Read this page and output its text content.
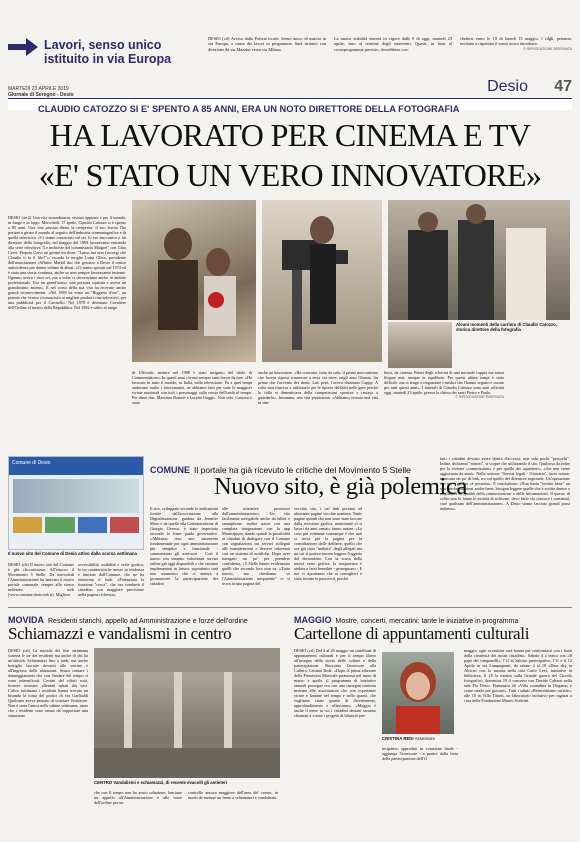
Lavori, senso unico
istituito in via Europa
DESIO (ctl) Avviso dalla Polizia locale. Senso unico di marcia in via Europa, a causa dei lavori in programma. Sarà istituito con direzione da via Mazzini verso via Milano.
La nuova viabilità entrerà in vigore dalle 9 di oggi, martedì 23 aprile, sino al termine degli interventi. Questi, in base al cronoprogramma previsto, dovrebbero con-
cludersi entro le 18 di lunedì 13 maggio. I rilgli, pertanto, invitano a rispettare il senso unico introdotto.
© RIPRODUZIONE RISERVATA
MARTEDÌ 23 APRILE 2019
Giornale di Seregno - Desio	Desio 47
CLAUDIO CATOZZO SI E' SPENTO A 85 ANNI, ERA UN NOTO DIRETTORE DELLA FOTOGRAFIA
HA LAVORATO PER CINEMA E TV
«E' STATO UN VERO INNOVATORE»
DESIO (arr2) Una vita straordinaria, vissuta appieno e per il mondo, in lungo e in largo. Mercoledì, 17 aprile, Claudio Catozzo si è spento a 85 anni. Una vita passata dietro la cinepresa: il suo lavoro l'ha portato a girare il mondo al seguito dell'industria cinematografica e di quella televisiva. «Ci siamo conosciuti sul set. Io ero truccatrice e lui direttore della fotografia, nel maggio del 1969 lavoravamo entrambi alla serie televisiva "Le inchieste del commissario Maigret" con Gino Cervi. Proprio Cervi un giorno mi disse: "Luisa, ma non t'accorgi che Claudio ti fa il filo?"», ricorda la moglie Luisa Oliva, presidente dell'associazione «Whitee Marbil du» che gestisce a Desio il centro antiviolenza per donne vittime di abusi. «Ci siamo sposati nel 1974 ed è stata una storia continua, anche se non sempre lavoravamo insieme. Ognuno aveva i suoi set, ma a volte ci ritrovavamo anche in ambito professionale. Era un grand'uomo, una persona squisita e aveva un grandissimo animo». E nel corso della sua vita ha ricevuto anche grandi riconoscimenti. «Nel 1969 ha vinto un "Biggatto d'oro", un premio che veniva riconosciuto ai migliori prodotti cine-televisivi, per una pubblicità per il Carosello. Nel 1978 è diventato Cavaliere dell'Ordine al merito della Repubblica. Nel 1982 è salito al rango
Alcuni momenti della carriera di Claudio Catozzo, storico direttore della fotografia
di Ufficiale, mentre nel 1988 è stato insignito del titolo di Commendatore». In questi anni c'erano sempre tanti lavori da fare. «Ha lavorato in tutto il mondo, in Italia, nella televisione. Fu a quei tempi andavano molto i fotoromanzi, ne abbiamo fatti per tutte le maggiori riviste nazionali con tutti i personaggi sulla cresta dell'onda al tempo. Per dirne due, Massimo Ranieri e Loretta Goggi». Non solo, Catozzo è stato
anche un innovatore. «Ha costruito, tutto da solo, il primo meccanismo che faceva riprese trasmesse a terra via etere, negli anni Ottanta, fin prima che l'avvento dei droni. Lui, però, l'aveva chiamato Cuppy. A volte non riusciva a utilizzarlo per le riprese dall'alto nelle gare perché lo fulla si dimenticava delle competizioni sportive e restava a guardarlo». Insomma, una vita pienissima. «Abbiamo vissuto una vita in sim-
biosi, da cinema. Poteri degli schermi di una normale coppia ma senza litigare mai, sempre in equilibrio. Per questi ultimi tempi è stato difficile, ma ci tengo a ringraziare i medici che l'hanno seguito e curato per tutti questi anni». I funerali di Claudio Catozzo sono stati officiati oggi, martedì 23 aprile, presso la chiesa dei santi Pietro e Paolo.
© RIPRODUZIONE RISERVATA
Comune di Desio
Il nuovo sito del Comune di Desio attivo dalla scorsa settimana
DESIO (ctl) Il nuovo sito del Comune è già cliccatissimo. All'attacco il Movimento 5 Stelle. Da mercoledì l'Amministrazione ha lanciato il nuovo portale comunale, sempre allo stesso indirizzo web (www.comune.desio.mb.it). Migliore
accessibilità, usabilità e veste grafica, le tre caratteristiche messe in evidenza e lanciate dall'Comune, che ne ha rinnovato il look. «Potenziata la funzione "cerca", che ora condurrà il cittadino con maggiore precisione nella pagina richiesta»
COMUNE Il portale ha già ricevuto le critiche del Movimento 5 Stelle
Nuovo sito, è già polemica
Il sito, sviluppato secondo le indicazioni fornite dall'associazione alla Digitalizzazione, guidata da Jennifer Moro e da quello alla Comunicazione di Giorgio Gerosa, è stato impostato secondo le linee guida governative. «Abbiamo reso uno strumento fondamentale per ogni amministrazione più semplice e funzionale - commentano gli assessori - Così il nuovo sito saranno valorizzati servizi online già oggi disponibili e che saranno implementati in futuro, soprattutto sarà uno strumento che ci aiuterà a promuovere la partecipazione dei cittadini
alle iniziative promosse dall'amministrazione». Un sito facilmente navigabile anche da tablet e smartphone: inoltre nasce con una completa integrazione con la app Municipium, dando quindi la possibilità ai cittadini di dialogare con il Comune con segnalazioni sui servizi collegati alle manutenzioni e dessere informati con un sistema di notifiche. Dopo aver navigato un po' per prendere confidenza, i 5 Stelle hanno evidenziato quelli che secondo loro non va. «Tutto nuovo, ma chiediamo se l'Amministrazione trasparente" ci si trova in una pagina del
vecchio sito, i cui link portano ad aberrante pagine vecchie maniera. Tante pagine quindi che non sono state toccate dalla revisione grafica, nonostante ci si lavori da anni ormai» fanno notare. «La cosa più eclatante comunque è che non si trova più la pagina per la consultazione delle delibere, quello che ora già stata "multata" degli allegati ma un cui si poteva ancora leggere l'oggetto del documento. Con la scusa della nuova veste grafica, la trasparenza è andata a farsi benedire - proseguono - E noi ci riportiamo che ai consiglieri è stata fornita la password, perché
tutti i cittadini devono avere diritto d'accesso, non solo pochi "prescelti". Infine, dichiamo "minori", si scopre che utilizzando il sito. Qualcosa da ridire per la sezione «commissioni» e per quella dei «quartieri», «che non viene aggiornata da anni». Nella sezione "Servizi legali - Giustizia", fuori notare, mancano un po' di link, tra cui quello del difensore regionale. Un'operazione che per i grillini «è pessima». E concludono: «Non basta "vestire bene" un sito perché funzioni anche bene, bisogna leggere quelle che è scritto dentro e migliorare la qualità della comunicazione e delle informazioni. Il questo di solito non lo fanno le società di software, devo farlo chi conosce i contenuti, cioè qualcuno dell'amministrazione». A Desio siamo lasciato grandi passi indietro».
MOVIDA Residenti stanchi, appello ad Amministrazione e forze dell'ordine
Schiamazzi e vandalismi in centro
DESIO (ctl) La movida del fine settimana scatena le ire dei residenti ma anche di chi ha un'attività. Schiamazzi fino a tardi, ma anche bottiglie lasciate dovunti alle vetrine e all'ingresso delle abitazioni. Senza contare i danneggiamenti che con l'andare del tempo si sono intensificati. Cestini del rifiuti rotti, fioriere rovinate, allentati rubati dai vasi. L'altro settimana i residenti hanno trovato un bisonda la torna del portici di via Garibaldi Qualcuno aveva pensato di svuotare l'estintore. Non è stata l'unica nelle ultime settimane, tanto che i residenti sono ormai da sopportare una situazione
CENTRO Vandalismi e schiamazzi, di recente evacolli gli antieteri
che con il tempo non ha avuto soluzione, lanciano un appello all'Amministrazione e alle forze dell'ordine per un
controllo ancora maggiore dell'area del centro, in modo da mettere un freno a schiamazzi e vandalismi.
MAGGIO Mostre, concerti, mercatini: tante le iniziative in programma
Cartellone di appuntamenti culturali
DESIO (ctl) Dal 4 al 26 maggio un cartellone di appuntamenti culturali e per il tempo libero all'insegna della storia delle culture e della partecipazione. Racconta l'assessore alla Cultura, Cristina Redi: «Dopo la prima edizione della Primavera Musicale promossa nel mese di marzo e aprile, il programma di iniziative annuali prosegue ora con una rassegna contesta insieme alle associazioni che con esperienze vicine e lontane nel tempo e nello spazio, che vogliamo siano spunto di divertimento, approfondimento e riflessione». «Maggio è anche il mese in cui i cittadini desiani saranno chiamati a votare i progetti di bilancio par-
CRISTINA REDI Assessore
tecipativo approdati in votazione finale - aggiunge l'assessore - a partire dalla festa della partecipazione dell'11
maggio, ogni occasione sarà buona per conformarsi con i frutti della creatività dei nostri cittadini». Sabato 4 a teatro con «Il papà dei campanelli», l'11 al Salotto partecipativo, l'11 e il 12 Aprile in via Lampugnani, da sabato 4 al 18 «Dear day in Africa» con la mostra nella sala Carlo Levi, iniziative in biblioteca, il 18 la mostra sulla Grande guerra del Circolo fotografico, domenica 19 il concerto con Davide Cabassi nella sala Pio Desio. Domenica 26 «Villa contadina in Dugana» e cento strade per giocare». Tutti i sabati «Reinventiamo un'arte», alle 10 in Villa Tittoni, un laboratorio inclusivo per ragazzi a cura della Fondazione Museo Scalvini.
